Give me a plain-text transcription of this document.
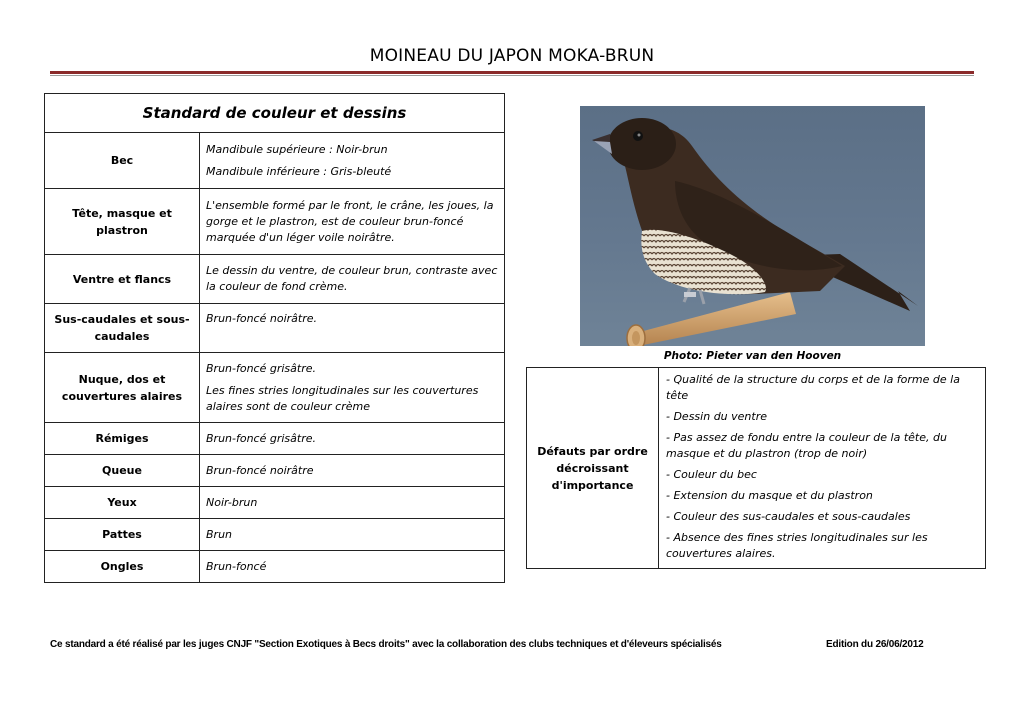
MOINEAU DU JAPON MOKA-BRUN
Standard de couleur et dessins	
Bec	Mandibule supérieure : Noir-brun

Mandibule inférieure : Gris-bleuté

Tête, masque et plastron	L'ensemble formé par le front, le crâne, les joues, la gorge et le plastron, est de couleur brun-foncé marquée d'un léger voile noirâtre.

Ventre et flancs	Le dessin du ventre, de couleur brun, contraste avec la couleur de fond crème.

Sus-caudales et sous-caudales	Brun-foncé noirâtre.

Nuque, dos et couvertures alaires	Brun-foncé grisâtre.

Les fines stries longitudinales sur les couvertures alaires sont de couleur crème

Rémiges	Brun-foncé grisâtre.

Queue	Brun-foncé noirâtre

Yeux	Noir-brun

Pattes	Brun

Ongles	Brun-foncé

Photo: Pieter van den Hooven
Défauts par ordre décroissant d'importance	

- Qualité de la structure du corps et de la forme de la tête

- Dessin du ventre

- Pas assez de fondu entre la couleur de la tête, du masque et du plastron (trop de noir)

- Couleur du bec

- Extension du masque et du plastron

- Couleur des sus-caudales et sous-caudales

- Absence des fines stries longitudinales sur les couvertures alaires.

Ce standard a été réalisé par les juges CNJF "Section Exotiques à Becs droits" avec la collaboration des clubs techniques et d'éleveurs spécialisés	Edition du 26/06/2012
